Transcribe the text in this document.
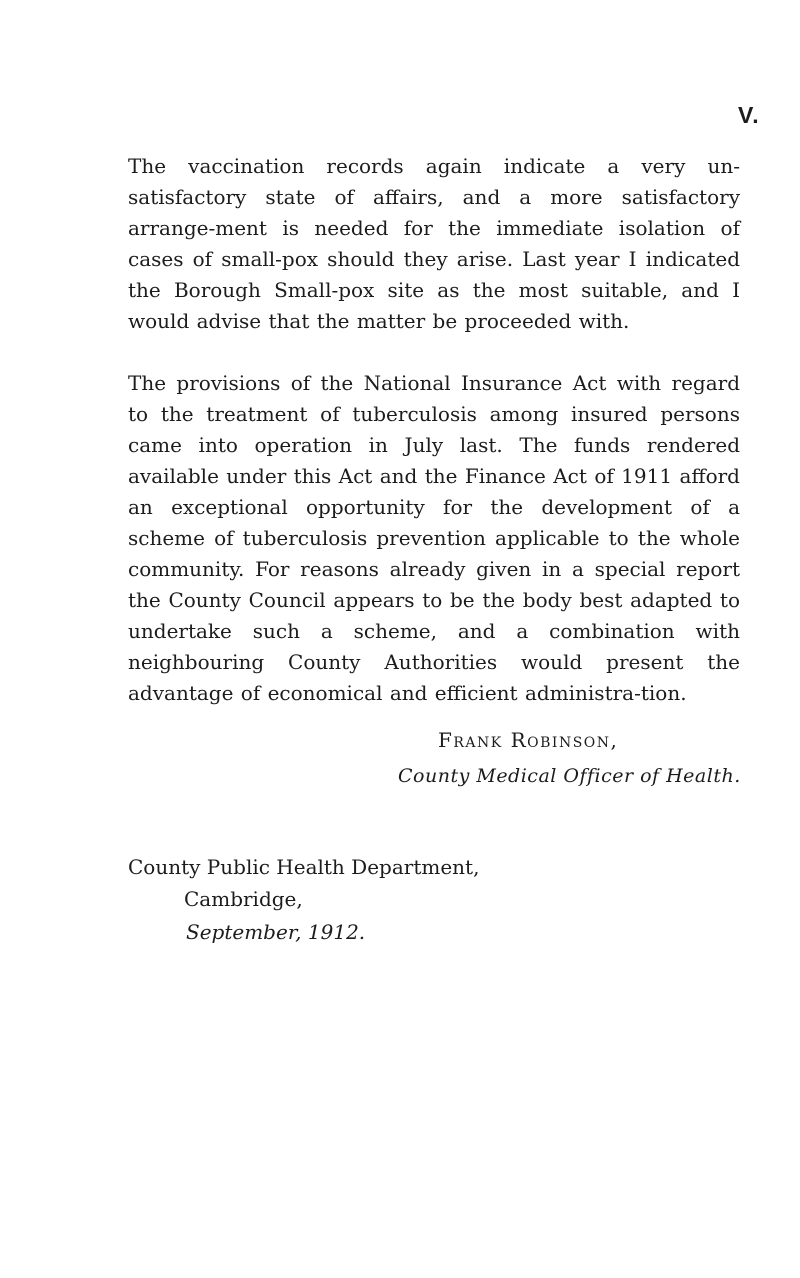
V.

The vaccination records again indicate a very un-satisfactory state of affairs, and a more satisfactory arrange-ment is needed for the immediate isolation of cases of small-pox should they arise. Last year I indicated the Borough Small-pox site as the most suitable, and I would advise that the matter be proceeded with.

The provisions of the National Insurance Act with regard to the treatment of tuberculosis among insured persons came into operation in July last. The funds rendered available under this Act and the Finance Act of 1911 afford an exceptional opportunity for the development of a scheme of tuberculosis prevention applicable to the whole community. For reasons already given in a special report the County Council appears to be the body best adapted to undertake such a scheme, and a combination with neighbouring County Authorities would present the advantage of economical and efficient administra-tion.

Frank Robinson,
County Medical Officer of Health.
County Public Health Department,
Cambridge,
September, 1912.
